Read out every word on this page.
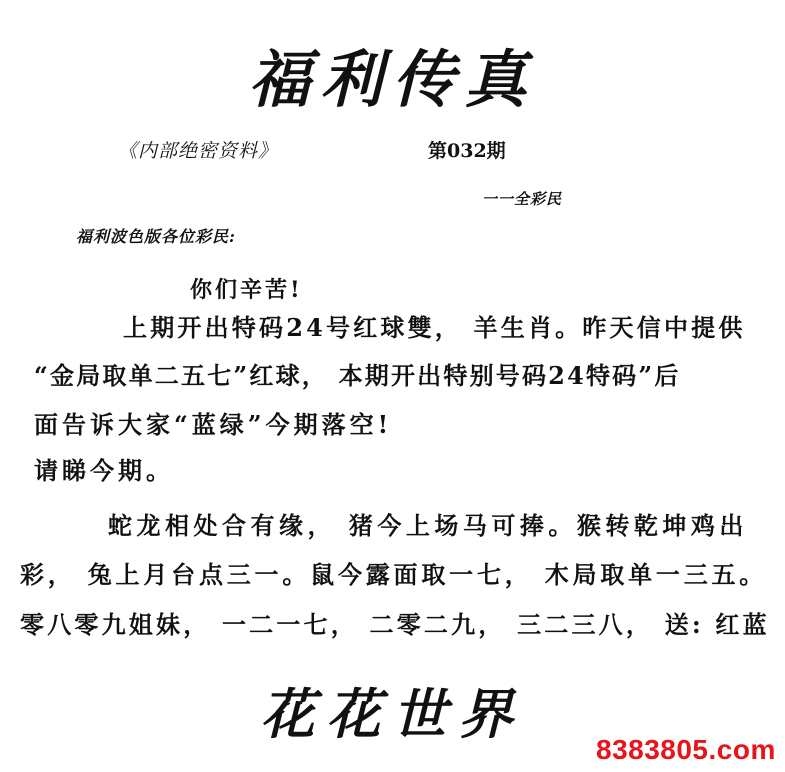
福利传真
《内部绝密资料》	第032期
一一全彩民
福利波色版各位彩民:
你们辛苦!
上期开出特码24号红球雙， 羊生肖。昨天信中提供
“金局取单二五七”红球， 本期开出特别号码24特码”后
面告诉大家“蓝绿”今期落空!
请睇今期。
蛇龙相处合有缘， 猪今上场马可捧。猴转乾坤鸡出
彩， 兔上月台点三一。鼠今露面取一七， 木局取单一三五。
零八零九姐妹， 一二一七， 二零二九， 三二三八， 送: 红蓝
花花世界
8383805.com
